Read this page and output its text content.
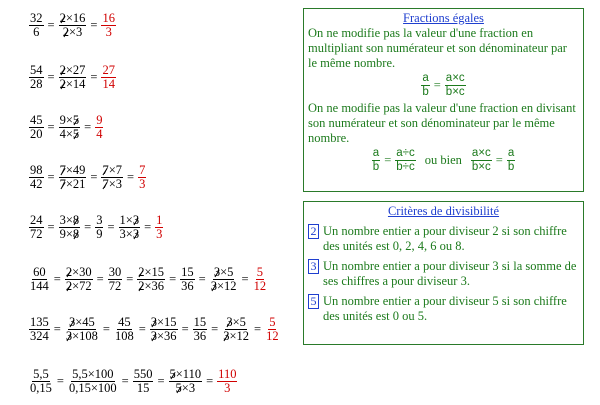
$\frac{32}{6} = \frac{2\times 16}{2\times 3} = \frac{16}{3}$
$\frac{54}{28} = \frac{2\times 27}{2\times 14} = \frac{27}{14}$
$\frac{45}{20} = \frac{9\times 5}{4\times 5} = \frac{9}{4}$
$\frac{98}{42} = \frac{7\times 49}{7\times 21} = \frac{7\times 7}{7\times 3} = \frac{7}{3}$
$\frac{24}{72} = \frac{3\times 8}{9\times 8} = \frac{3}{9} = \frac{1\times 3}{3\times 3} = \frac{1}{3}$
$\frac{60}{144} = \frac{2\times 30}{2\times 72} = \frac{30}{72} = \frac{2\times 15}{2\times 36} = \frac{15}{36} = \frac{3\times 5}{3\times 12} = \frac{5}{12}$
$\frac{135}{324} = \frac{3\times 45}{3\times 108} = \frac{45}{108} = \frac{3\times 15}{3\times 36} = \frac{15}{36} = \frac{3\times 5}{3\times 12} = \frac{5}{12}$
$\frac{5,5}{0,15} = \frac{5,5\times 100}{0,15\times 100} = \frac{550}{15} = \frac{5\times 110}{5\times 3} = \frac{110}{3}$
Fractions égales

On ne modifie pas la valeur d'une fraction en multipliant son numérateur et son dénominateur par le même nombre.

$\frac{a}{b} = \frac{a\times c}{b\times c}$

On ne modifie pas la valeur d'une fraction en divisant son numérateur et son dénominateur par le même nombre.

$\frac{a}{b} = \frac{a\div c}{b\div c}$ ou bien $\frac{a\times c}{b\times c} = \frac{a}{b}$
Critères de divisibilité
2 Un nombre entier a pour diviseur 2 si son chiffre des unités est 0, 2, 4, 6 ou 8.
3 Un nombre entier a pour diviseur 3 si la somme de ses chiffres a pour diviseur 3.
5 Un nombre entier a pour diviseur 5 si son chiffre des unités est 0 ou 5.
